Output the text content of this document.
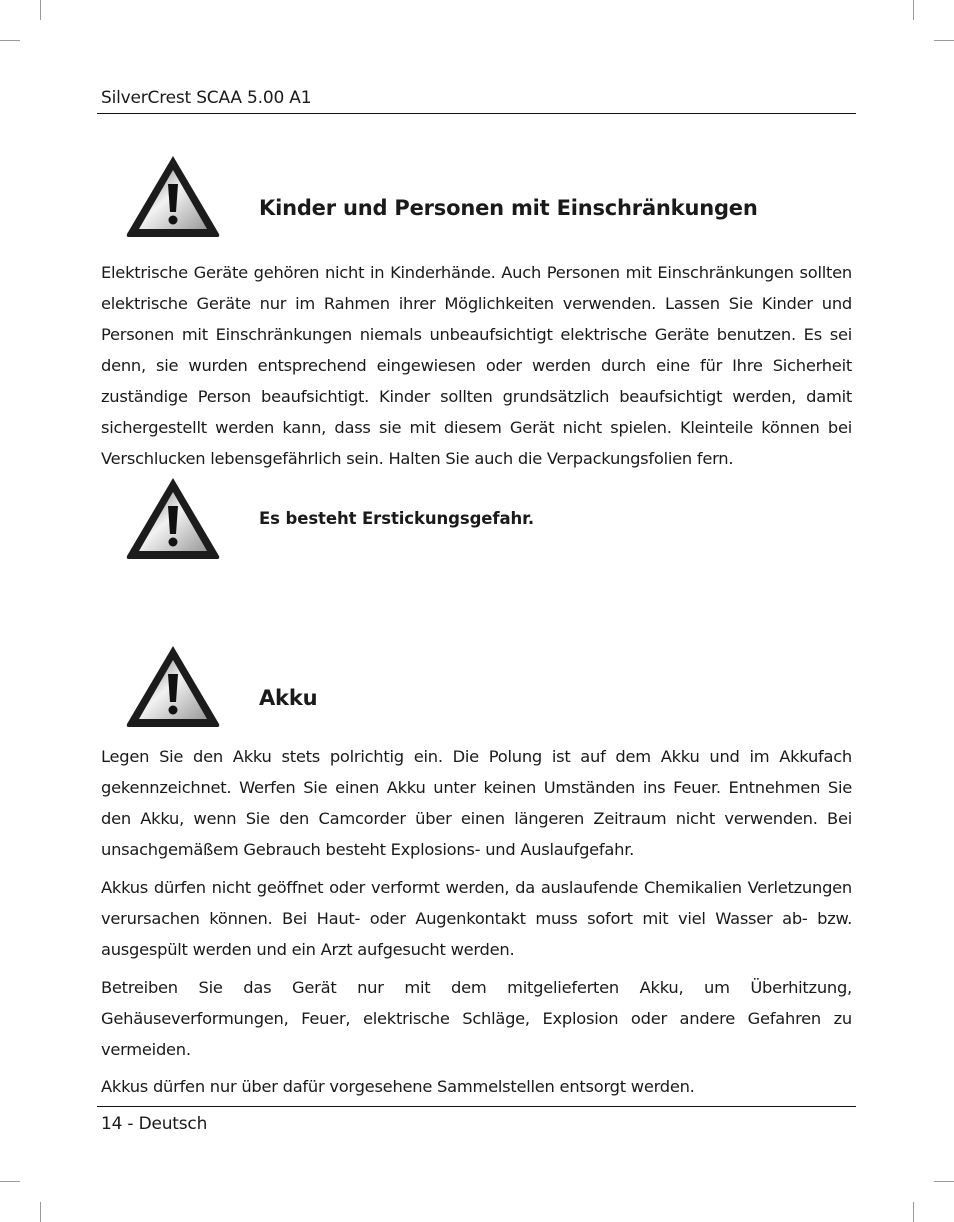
SilverCrest SCAA 5.00 A1
Kinder und Personen mit Einschränkungen

Elektrische Geräte gehören nicht in Kinderhände. Auch Personen mit Einschränkungen sollten elektrische Geräte nur im Rahmen ihrer Möglichkeiten verwenden. Lassen Sie Kinder und Personen mit Einschränkungen niemals unbeaufsichtigt elektrische Geräte benutzen. Es sei denn, sie wurden entsprechend eingewiesen oder werden durch eine für Ihre Sicherheit zuständige Person beaufsichtigt. Kinder sollten grundsätzlich beaufsichtigt werden, damit sichergestellt werden kann, dass sie mit diesem Gerät nicht spielen. Kleinteile können bei Verschlucken lebensgefährlich sein. Halten Sie auch die Verpackungsfolien fern.

Es besteht Erstickungsgefahr.
Akku

Legen Sie den Akku stets polrichtig ein. Die Polung ist auf dem Akku und im Akkufach gekennzeichnet. Werfen Sie einen Akku unter keinen Umständen ins Feuer. Entnehmen Sie den Akku, wenn Sie den Camcorder über einen längeren Zeitraum nicht verwenden. Bei unsachgemäßem Gebrauch besteht Explosions- und Auslaufgefahr.

Akkus dürfen nicht geöffnet oder verformt werden, da auslaufende Chemikalien Verletzungen verursachen können. Bei Haut- oder Augenkontakt muss sofort mit viel Wasser ab- bzw. ausgespült werden und ein Arzt aufgesucht werden.

Betreiben Sie das Gerät nur mit dem mitgelieferten Akku, um Überhitzung, Gehäuseverformungen, Feuer, elektrische Schläge, Explosion oder andere Gefahren zu vermeiden.

Akkus dürfen nur über dafür vorgesehene Sammelstellen entsorgt werden.

14 - Deutsch
